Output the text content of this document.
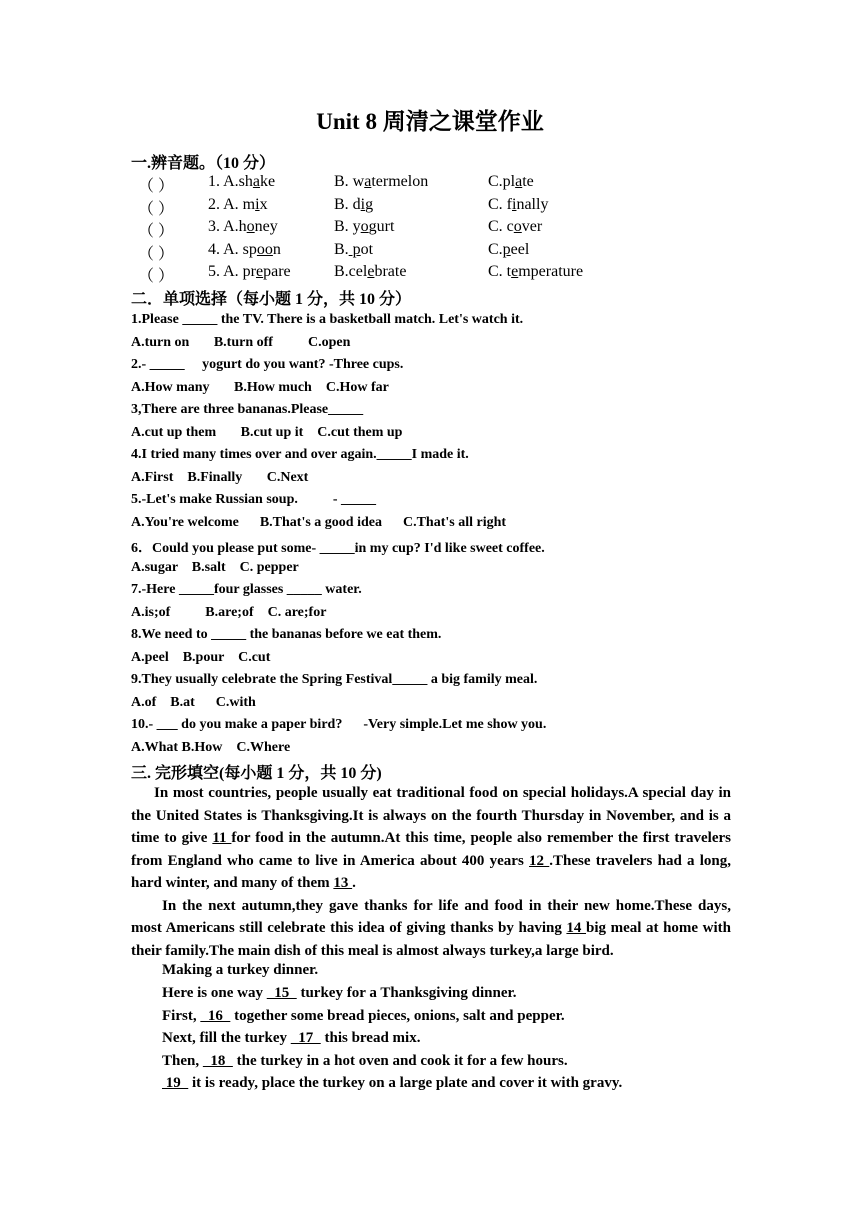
Unit 8 周清之课堂作业
一.辨音题。（10 分）
（ ） 1. A.shake	B. watermelon	C.plate
（ ） 2. A. mix	B. dig	C. finally
（ ） 3. A.honey	B. yogurt	C. cover
（ ） 4. A. spoon	B. pot	C.peel
（ ） 5. A. prepare	B.celebrate	C. temperature
二．单项选择（每小题 1 分，共 10 分）
1.Please _____ the TV. There is a basketball match. Let's watch it.
A.turn on       B.turn off          C.open
2.- _____     yogurt do you want? -Three cups.
A.How many       B.How much    C.How far
3,There are three bananas.Please_____
A.cut up them       B.cut up it    C.cut them up
4.I tried many times over and over again._____I made it.
A.First    B.Finally       C.Next
5.-Let's make Russian soup.          - _____
A.You're welcome      B.That's a good idea      C.That's all right
6．Could you please put some- _____in my cup? I'd like sweet coffee.
A.sugar    B.salt    C. pepper
7.-Here _____four glasses _____ water.
A.is;of          B.are;of    C. are;for
8.We need to _____ the bananas before we eat them.
A.peel    B.pour    C.cut
9.They usually celebrate the Spring Festival_____ a big family meal.
A.of    B.at      C.with
10.- ___ do you make a paper bird?      -Very simple.Let me show you.
A.What B.How    C.Where
三. 完形填空(每小题 1 分，共 10 分)

In most countries, people usually eat traditional food on special holidays.A special day in the United States is Thanksgiving.It is always on the fourth Thursday in November, and is a time to give 11 for food in the autumn.At this time, people also remember the first travelers from England who came to live in America about 400 years 12 .These travelers had a long, hard winter, and many of them 13 .

In the next autumn,they gave thanks for life and food in their new home.These days, most Americans still celebrate this idea of giving thanks by having 14 big meal at home with their family.The main dish of this meal is almost always turkey,a large bird.

Making a turkey dinner.
Here is one way   15   turkey for a Thanksgiving dinner.
First,   16   together some bread pieces, onions, salt and pepper.
Next, fill the turkey   17   this bread mix.
Then,   18   the turkey in a hot oven and cook it for a few hours.
19   it is ready, place the turkey on a large plate and cover it with gravy.
